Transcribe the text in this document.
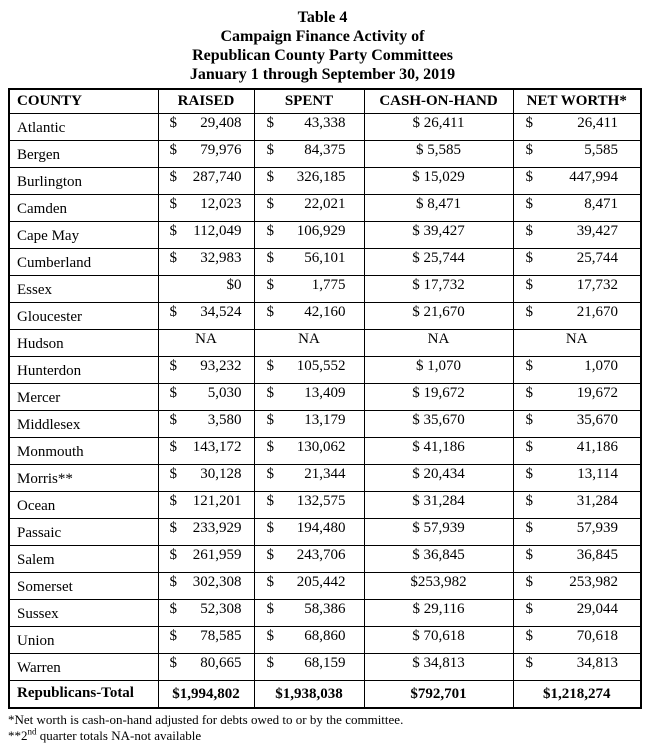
Table 4
Campaign Finance Activity of
Republican County Party Committees
January 1 through September 30, 2019
COUNTY	RAISED	SPENT	CASH-ON-HAND	NET WORTH*
Atlantic	$ 29,408	$ 43,338	$ 26,411	$ 26,411

Bergen	$ 79,976	$ 84,375	$ 5,585	$ 5,585

Burlington	$ 287,740	$ 326,185	$ 15,029	$ 447,994

Camden	$ 12,023	$ 22,021	$ 8,471	$ 8,471

Cape May	$ 112,049	$ 106,929	$ 39,427	$ 39,427

Cumberland	$ 32,983	$ 56,101	$ 25,744	$ 25,744

Essex	$0	$ 1,775	$ 17,732	$ 17,732

Gloucester	$ 34,524	$ 42,160	$ 21,670	$ 21,670

Hudson	NA	NA	NA	NA
Hunterdon	$ 93,232	$ 105,552	$ 1,070	$ 1,070

Mercer	$ 5,030	$ 13,409	$ 19,672	$ 19,672

Middlesex	$ 3,580	$ 13,179	$ 35,670	$ 35,670

Monmouth	$ 143,172	$ 130,062	$ 41,186	$ 41,186

Morris**	$ 30,128	$ 21,344	$ 20,434	$ 13,114

Ocean	$ 121,201	$ 132,575	$ 31,284	$ 31,284

Passaic	$ 233,929	$ 194,480	$ 57,939	$ 57,939

Salem	$ 261,959	$ 243,706	$ 36,845	$ 36,845

Somerset	$ 302,308	$ 205,442	$253,982	$ 253,982

Sussex	$ 52,308	$ 58,386	$ 29,116	$ 29,044

Union	$ 78,585	$ 68,860	$ 70,618	$ 70,618

Warren	$ 80,665	$ 68,159	$ 34,813	$ 34,813

Republicans-Total	$1,994,802	$1,938,038	$792,701	$1,218,274
*Net worth is cash-on-hand adjusted for debts owed to or by the committee.
**2nd quarter totals NA-not available
